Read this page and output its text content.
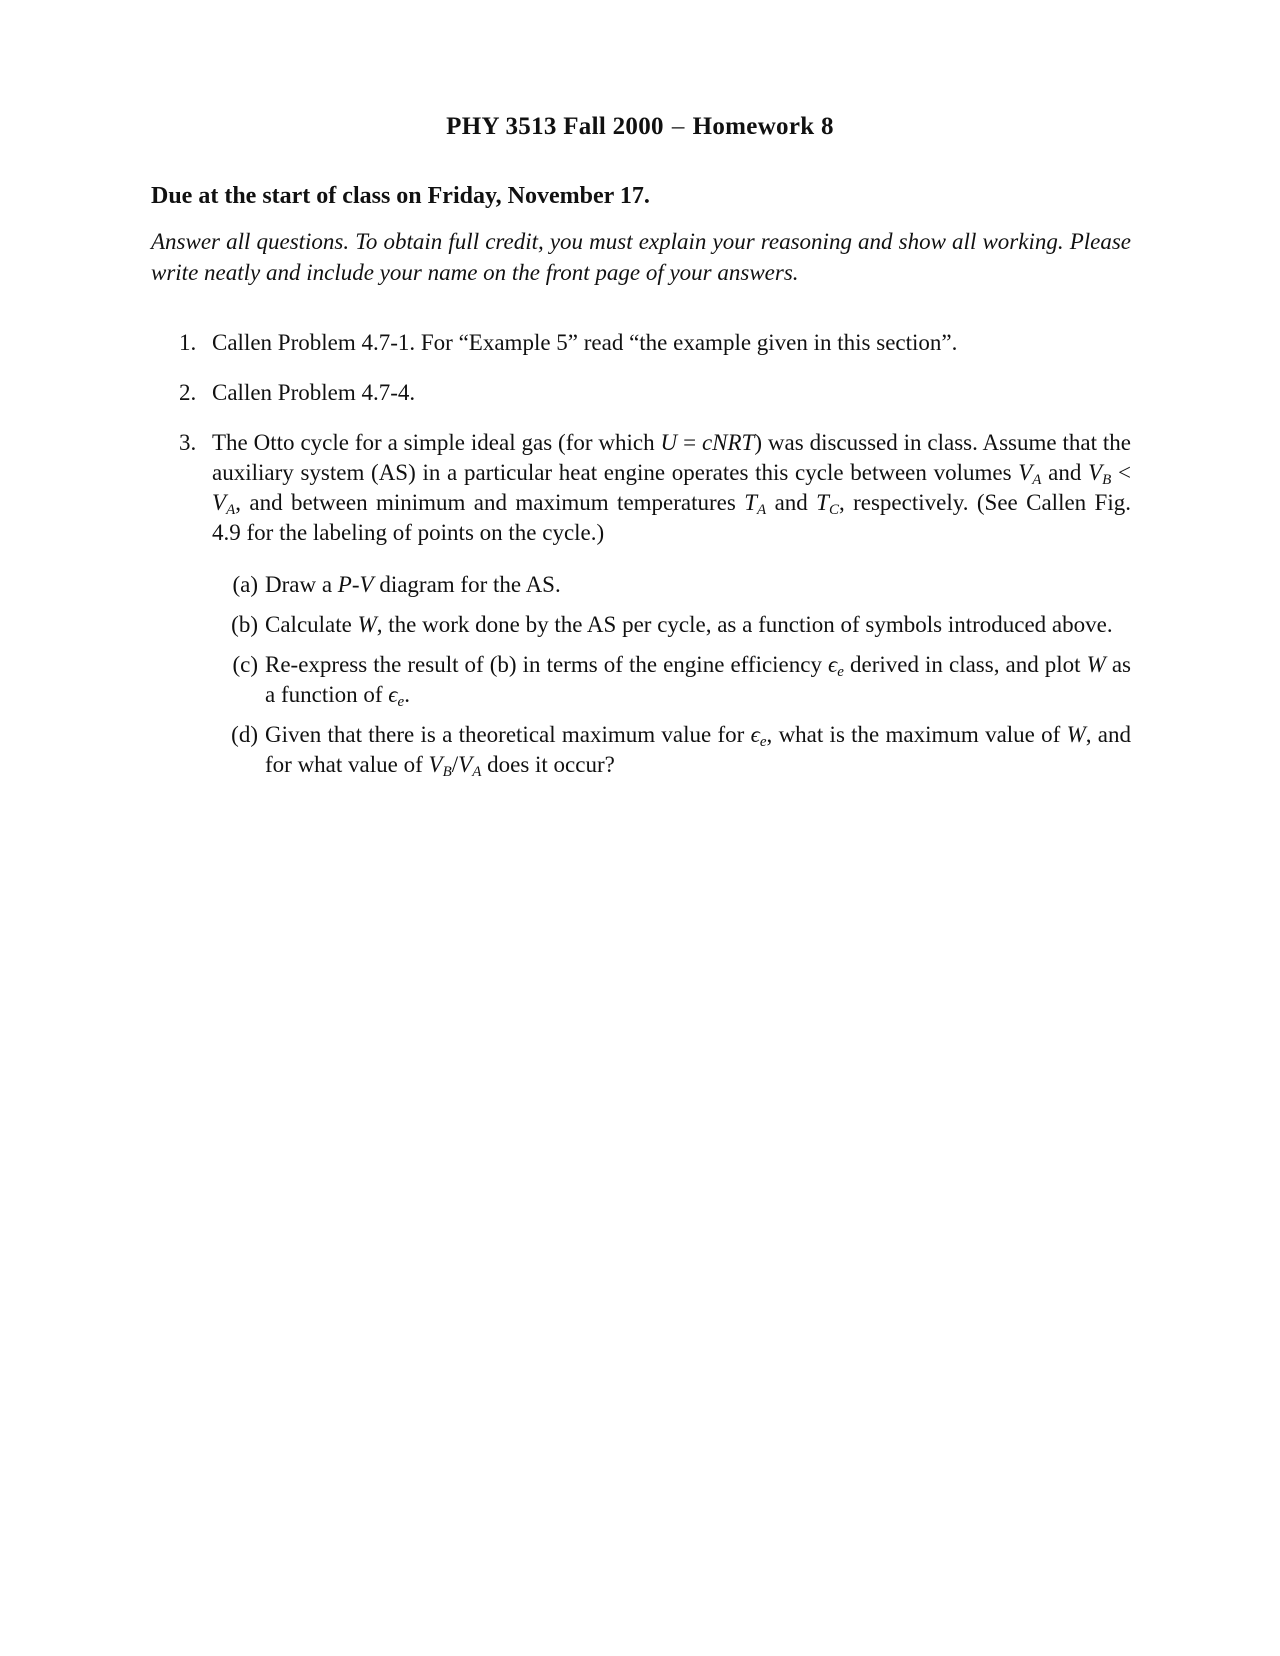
PHY 3513 Fall 2000 – Homework 8
Due at the start of class on Friday, November 17.
Answer all questions. To obtain full credit, you must explain your reasoning and show all working. Please write neatly and include your name on the front page of your answers.
1. Callen Problem 4.7-1. For “Example 5” read “the example given in this section”.
2. Callen Problem 4.7-4.
3. The Otto cycle for a simple ideal gas (for which U = cNRT) was discussed in class. Assume that the auxiliary system (AS) in a particular heat engine operates this cycle between volumes $V_A$ and $V_B < V_A$, and between minimum and maximum temperatures $T_A$ and $T_C$, respectively. (See Callen Fig. 4.9 for the labeling of points on the cycle.)
(a) Draw a P-V diagram for the AS.
(b) Calculate W, the work done by the AS per cycle, as a function of symbols introduced above.
(c) Re-express the result of (b) in terms of the engine efficiency $\epsilon_e$ derived in class, and plot W as a function of $\epsilon_e$.
(d) Given that there is a theoretical maximum value for $\epsilon_e$, what is the maximum value of W, and for what value of $V_B/V_A$ does it occur?
